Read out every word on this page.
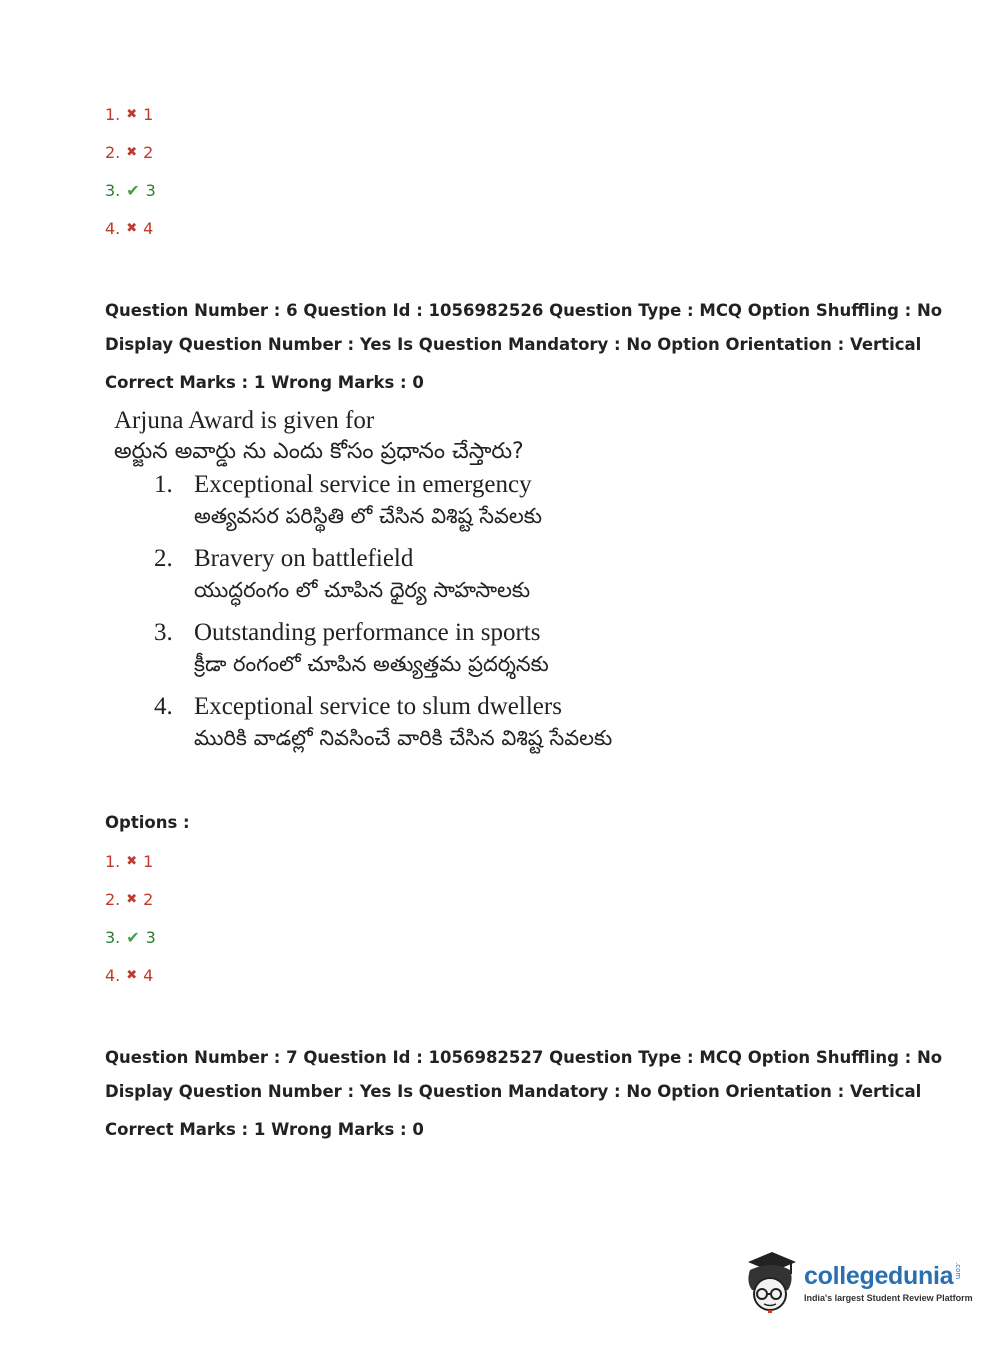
1. ✖ 1
2. ✖ 2
3. ✔ 3
4. ✖ 4
Question Number : 6 Question Id : 1056982526 Question Type : MCQ Option Shuffling : No
Display Question Number : Yes Is Question Mandatory : No Option Orientation : Vertical
Correct Marks : 1 Wrong Marks : 0
Arjuna Award is given for
అర్జున అవార్డు ను ఎందు కోసం ప్రధానం చేస్తారు?
1. Exceptional service in emergency
అత్యవసర పరిస్థితి లో చేసిన విశిష్ట సేవలకు
2. Bravery on battlefield
యుద్ధరంగం లో చూపిన ధైర్య సాహసాలకు
3. Outstanding performance in sports
క్రీడా రంగంలో చూపిన అత్యుత్తమ ప్రదర్శనకు
4. Exceptional service to slum dwellers
మురికి వాడల్లో నివసించే వారికి చేసిన విశిష్ట సేవలకు
Options :
1. ✖ 1
2. ✖ 2
3. ✔ 3
4. ✖ 4
Question Number : 7 Question Id : 1056982527 Question Type : MCQ Option Shuffling : No
Display Question Number : Yes Is Question Mandatory : No Option Orientation : Vertical
Correct Marks : 1 Wrong Marks : 0
collegedunia .com
India's largest Student Review Platform
